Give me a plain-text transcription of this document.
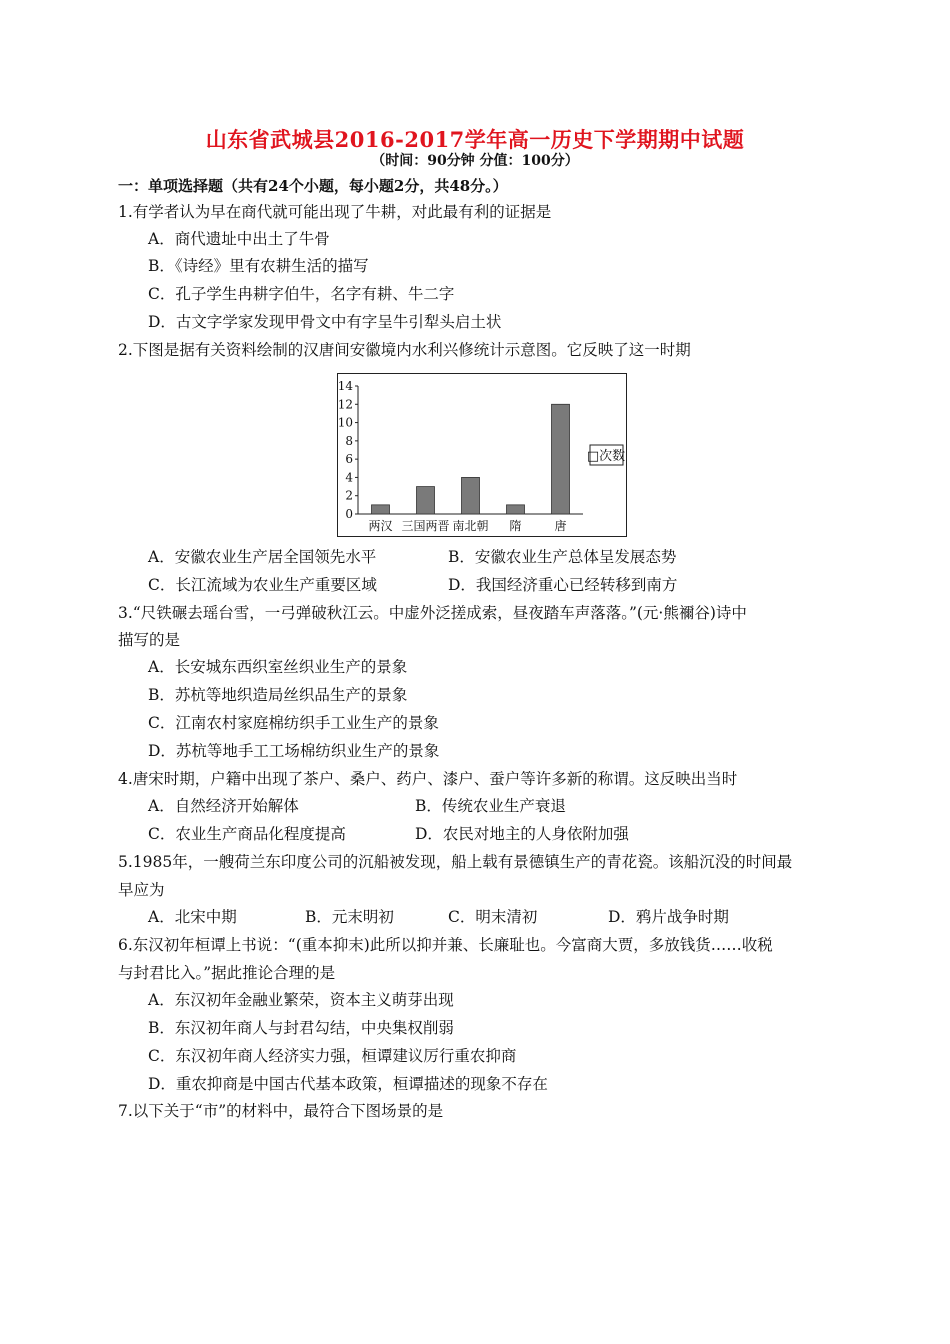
山东省武城县2016-2017学年高一历史下学期期中试题
（时间：90分钟 分值：100分）
一：单项选择题（共有24个小题，每小题2分，共48分。）
1.有学者认为早在商代就可能出现了牛耕，对此最有利的证据是
A．商代遗址中出土了牛骨
B．《诗经》里有农耕生活的描写
C．孔子学生冉耕字伯牛，名字有耕、牛二字
D．古文字学家发现甲骨文中有字呈牛引犁头启土状
2.下图是据有关资料绘制的汉唐间安徽境内水利兴修统计示意图。它反映了这一时期
0
2
4
6
8
10
12
14
两汉 三国两晋 南北朝 隋	唐
□次数
A．安徽农业生产居全国领先水平	B．安徽农业生产总体呈发展态势
C．长江流域为农业生产重要区域	D．我国经济重心已经转移到南方
3.“尺铁碾去瑶台雪，一弓弹破秋江云。中虚外泛搓成索，昼夜踏车声落落。”(元·熊禰谷)诗中
描写的是
A．长安城东西织室丝织业生产的景象
B．苏杭等地织造局丝织品生产的景象
C．江南农村家庭棉纺织手工业生产的景象
D．苏杭等地手工工场棉纺织业生产的景象
4.唐宋时期，户籍中出现了茶户、桑户、药户、漆户、蚕户等许多新的称谓。这反映出当时
A．自然经济开始解体	B．传统农业生产衰退
C．农业生产商品化程度提高	D．农民对地主的人身依附加强
5.1985年，一艘荷兰东印度公司的沉船被发现，船上载有景德镇生产的青花瓷。该船沉没的时间最
早应为
A．北宋中期	B．元末明初	C．明末清初	D．鸦片战争时期
6.东汉初年桓谭上书说：“(重本抑末)此所以抑并兼、长廉耻也。今富商大贾，多放钱货……收税
与封君比入。”据此推论合理的是
A．东汉初年金融业繁荣，资本主义萌芽出现
B．东汉初年商人与封君勾结，中央集权削弱
C．东汉初年商人经济实力强，桓谭建议厉行重农抑商
D．重农抑商是中国古代基本政策，桓谭描述的现象不存在
7.以下关于“市”的材料中，最符合下图场景的是
